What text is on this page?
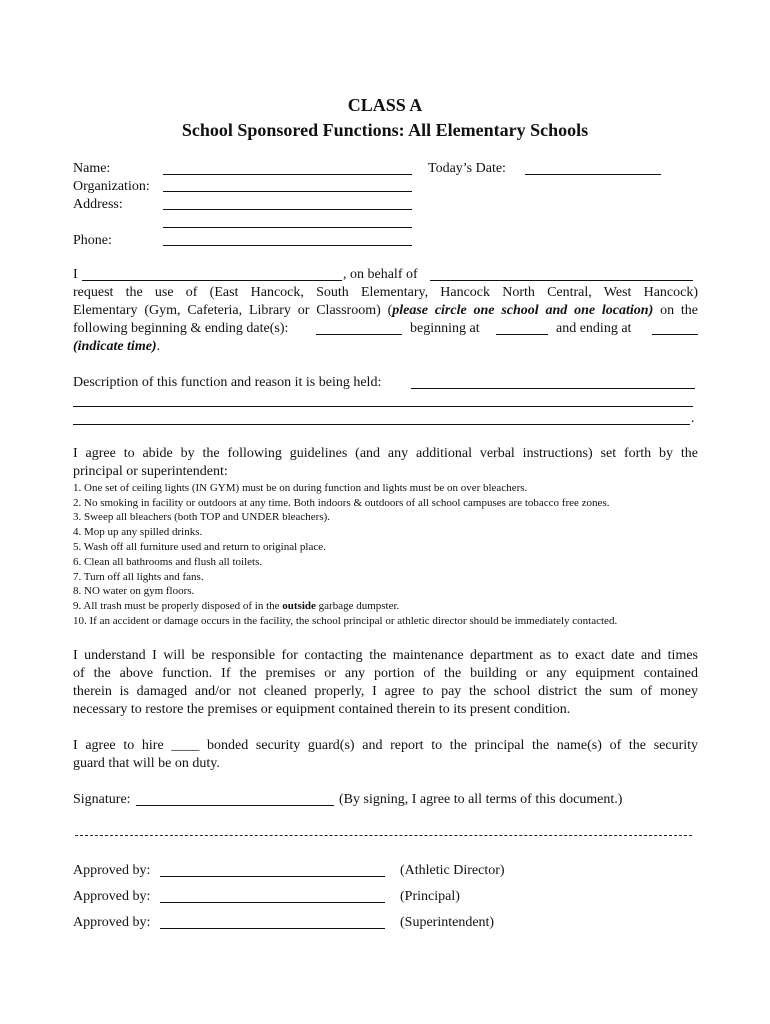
CLASS A
School Sponsored Functions: All Elementary Schools
Name:	Today’s Date:
Organization:
Address:
Phone:
I	, on behalf of
request the use of (East Hancock, South Elementary, Hancock North Central, West Hancock)
Elementary (Gym, Cafeteria, Library or Classroom) (please circle one school and one location) on the
following beginning & ending date(s):	beginning at	and ending at
(indicate time).
Description of this function and reason it is being held:
.
I agree to abide by the following guidelines (and any additional verbal instructions) set forth by the
principal or superintendent:
1. One set of ceiling lights (IN GYM) must be on during function and lights must be on over bleachers.
2. No smoking in facility or outdoors at any time. Both indoors & outdoors of all school campuses are tobacco free zones.
3. Sweep all bleachers (both TOP and UNDER bleachers).
4. Mop up any spilled drinks.
5. Wash off all furniture used and return to original place.
6. Clean all bathrooms and flush all toilets.
7. Turn off all lights and fans.
8. NO water on gym floors.
9. All trash must be properly disposed of in the outside garbage dumpster.
10. If an accident or damage occurs in the facility, the school principal or athletic director should be immediately contacted.
I understand I will be responsible for contacting the maintenance department as to exact date and times
of the above function. If the premises or any portion of the building or any equipment contained
therein is damaged and/or not cleaned properly, I agree to pay the school district the sum of money
necessary to restore the premises or equipment contained therein to its present condition.
I agree to hire ____ bonded security guard(s) and report to the principal the name(s) of the security
guard that will be on duty.
Signature:	(By signing, I agree to all terms of this document.)
Approved by:	(Athletic Director)
Approved by:	(Principal)
Approved by:	(Superintendent)
